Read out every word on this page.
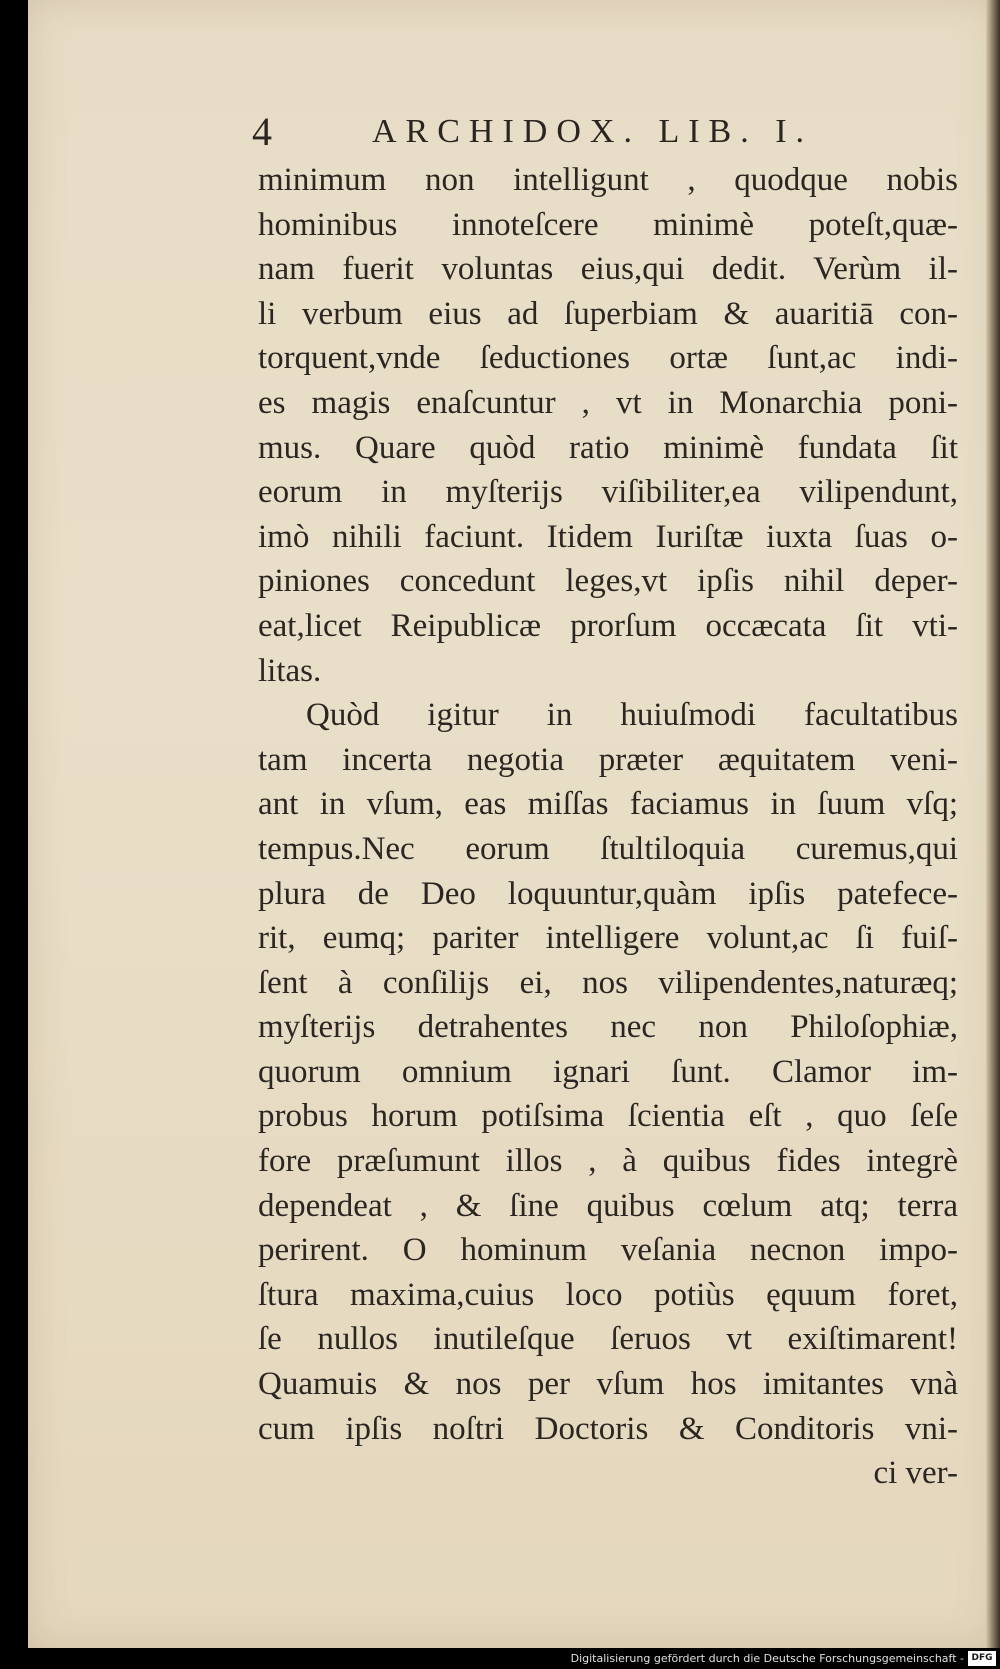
4	ARCHIDOX. LIB. I.
minimum non intelligunt , quodque nobis
hominibus innoteſcere minimè poteſt,quæ-
nam fuerit voluntas eius,qui dedit. Verùm il-
li verbum eius ad ſuperbiam & auaritiā con-
torquent,vnde ſeductiones ortæ ſunt,ac indi-
es magis enaſcuntur , vt in Monarchia poni-
mus. Quare quòd ratio minimè fundata ſit
eorum in myſterijs viſibiliter,ea vilipendunt,
imò nihili faciunt. Itidem Iuriſtæ iuxta ſuas o-
piniones concedunt leges,vt ipſis nihil deper-
eat,licet Reipublicæ prorſum occæcata ſit vti-
litas.
Quòd igitur in huiuſmodi facultatibus
tam incerta negotia præter æquitatem veni-
ant in vſum, eas miſſas faciamus in ſuum vſq;
tempus.Nec eorum ſtultiloquia curemus,qui
plura de Deo loquuntur,quàm ipſis patefece-
rit, eumq; pariter intelligere volunt,ac ſi fuiſ-
ſent à conſilijs ei, nos vilipendentes,naturæq;
myſterijs detrahentes nec non Philoſophiæ,
quorum omnium ignari ſunt. Clamor im-
probus horum potiſsima ſcientia eſt , quo ſeſe
fore præſumunt illos , à quibus fides integrè
dependeat , & ſine quibus cœlum atq; terra
perirent. O hominum veſania necnon impo-
ſtura maxima,cuius loco potiùs ęquum foret,
ſe nullos inutileſque ſeruos vt exiſtimarent!
Quamuis & nos per vſum hos imitantes vnà
cum ipſis noſtri Doctoris & Conditoris vni-
ci ver-
Digitalisierung gefördert durch die Deutsche Forschungsgemeinschaft - DFG
